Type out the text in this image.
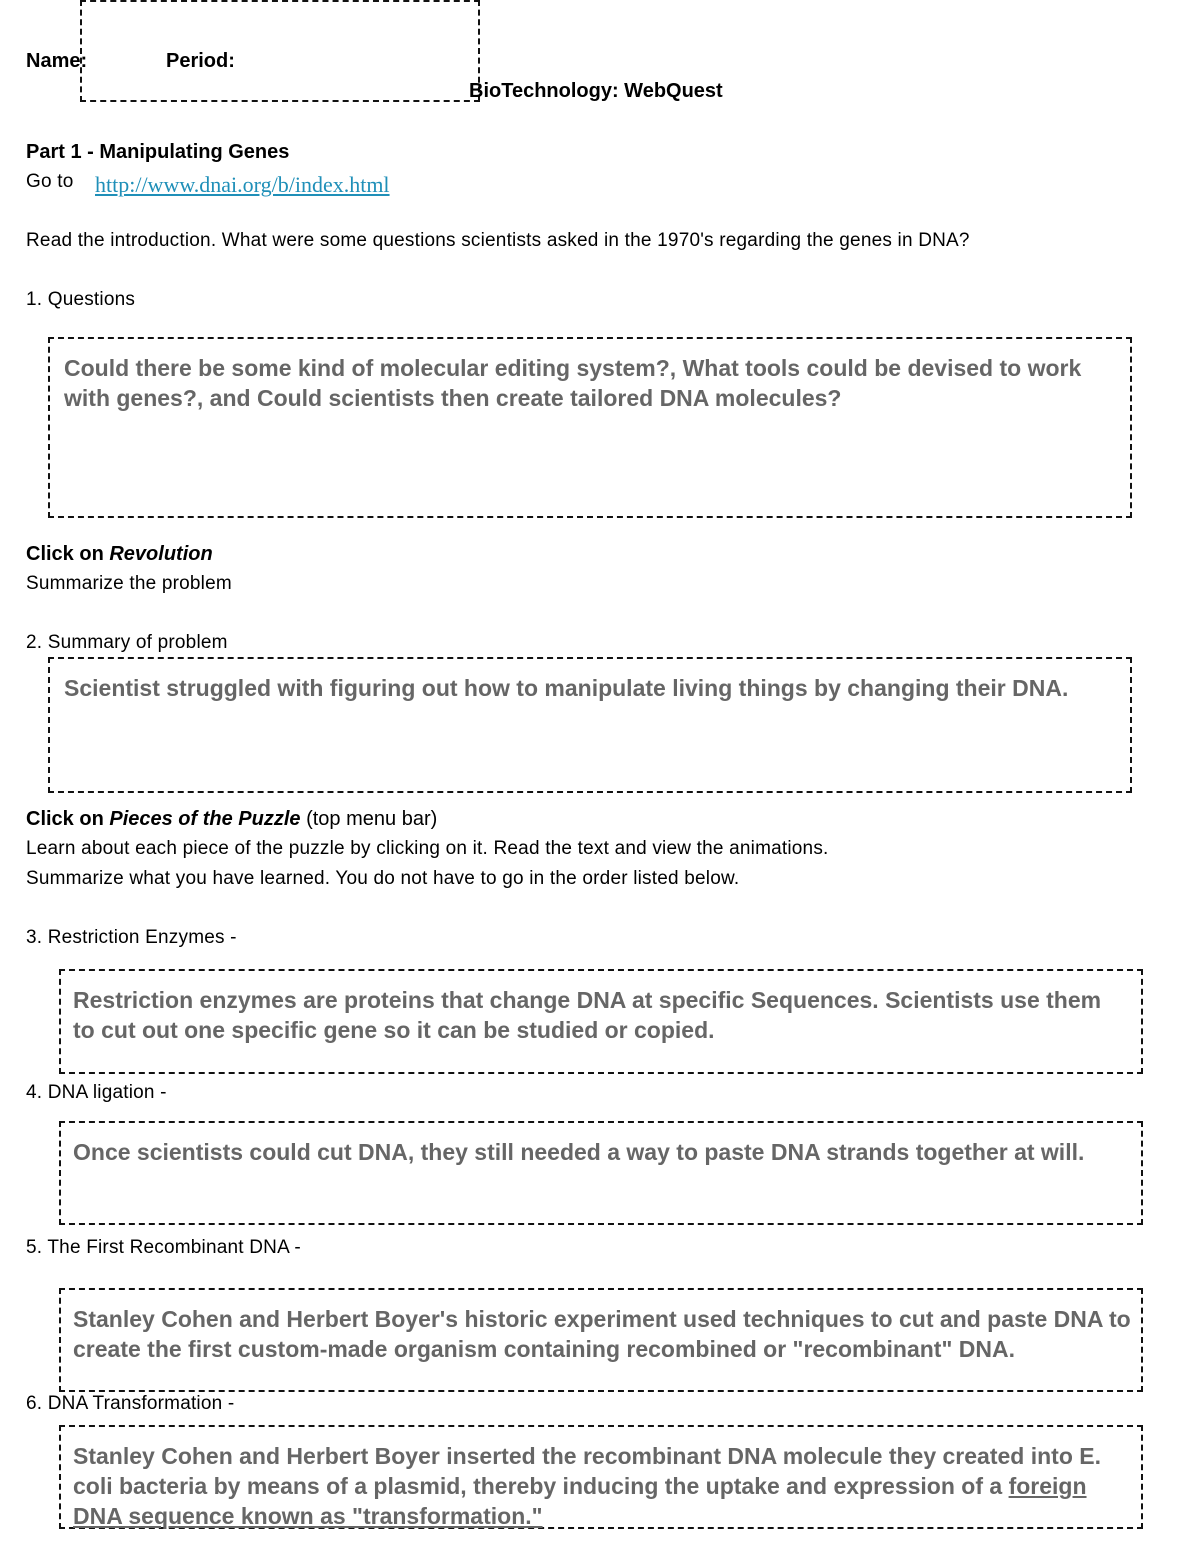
Name:	Period:
BioTechnology: WebQuest
Part 1 - Manipulating Genes
Go to http://www.dnai.org/b/index.html
Read the introduction. What were some questions scientists asked in the 1970's regarding the genes in DNA?
1. Questions
Could there be some kind of molecular editing system?, What tools could be devised to work with genes?, and Could scientists then create tailored DNA molecules?
Click on Revolution
Summarize the problem
2. Summary of problem
Scientist struggled with figuring out how to manipulate living things by changing their DNA.
Click on Pieces of the Puzzle (top menu bar)
Learn about each piece of the puzzle by clicking on it. Read the text and view the animations.
Summarize what you have learned. You do not have to go in the order listed below.
3. Restriction Enzymes -
Restriction enzymes are proteins that change DNA at specific Sequences. Scientists use them to cut out one specific gene so it can be studied or copied.
4. DNA ligation -
Once scientists could cut DNA, they still needed a way to paste DNA strands together at will.
5. The First Recombinant DNA -
Stanley Cohen and Herbert Boyer's historic experiment used techniques to cut and paste DNA to create the first custom-made organism containing recombined or "recombinant" DNA.
6. DNA Transformation -
Stanley Cohen and Herbert Boyer inserted the recombinant DNA molecule they created into E. coli bacteria by means of a plasmid, thereby inducing the uptake and expression of a foreign DNA sequence known as "transformation."
